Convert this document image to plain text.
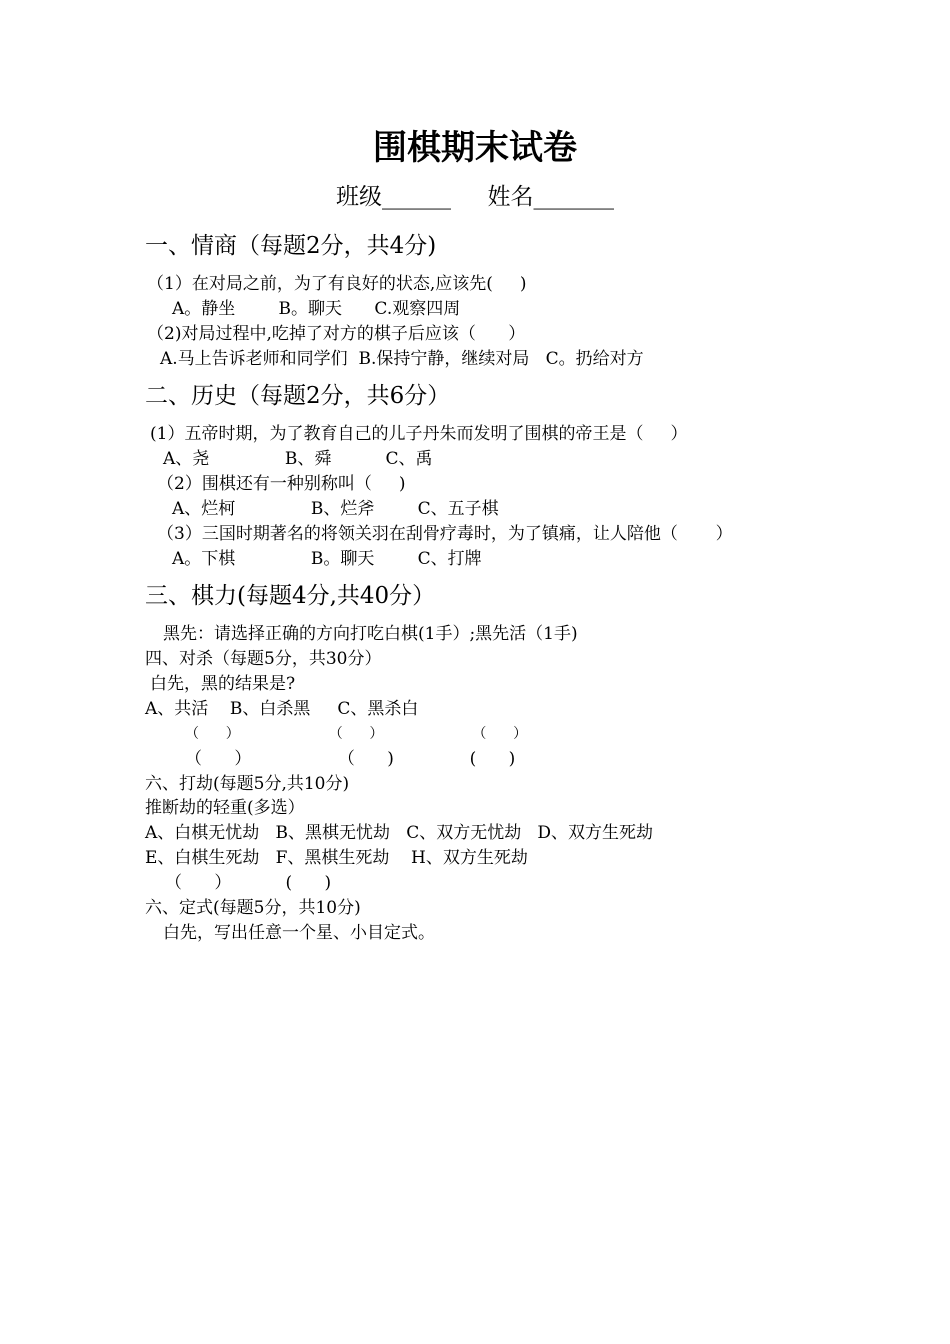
围棋期末试卷
班级______     姓名_______
一、情商（每题2分，共4分)
（1）在对局之前，为了有良好的状态,应该先(     )
A。静坐        B。聊天      C.观察四周
（2)对局过程中,吃掉了对方的棋子后应该（      ）
A.马上告诉老师和同学们  B.保持宁静，继续对局   C。扔给对方
二、历史（每题2分，共6分）
(1）五帝时期，为了教育自己的儿子丹朱而发明了围棋的帝王是（     ）
A、尧              B、舜          C、禹
（2）围棋还有一种别称叫（     )
A、烂柯              B、烂斧        C、五子棋
（3）三国时期著名的将领关羽在刮骨疗毒时，为了镇痛，让人陪他（       ）
A。下棋              B。聊天        C、打牌
三、棋力(每题4分,共40分）
黑先：请选择正确的方向打吃白棋(1手）;黑先活（1手)
四、对杀（每题5分，共30分）
白先，黑的结果是?
A、共活    B、白杀黑     C、黑杀白
（      ）                    （      ）                    （      ）
（      ）                （      )              (      )
六、打劫(每题5分,共10分)
推断劫的轻重(多选）
A、白棋无忧劫   B、黑棋无忧劫   C、双方无忧劫   D、双方生死劫
E、白棋生死劫   F、黑棋生死劫    H、双方生死劫
（      ）          (      )
六、定式(每题5分，共10分)
白先，写出任意一个星、小目定式。
